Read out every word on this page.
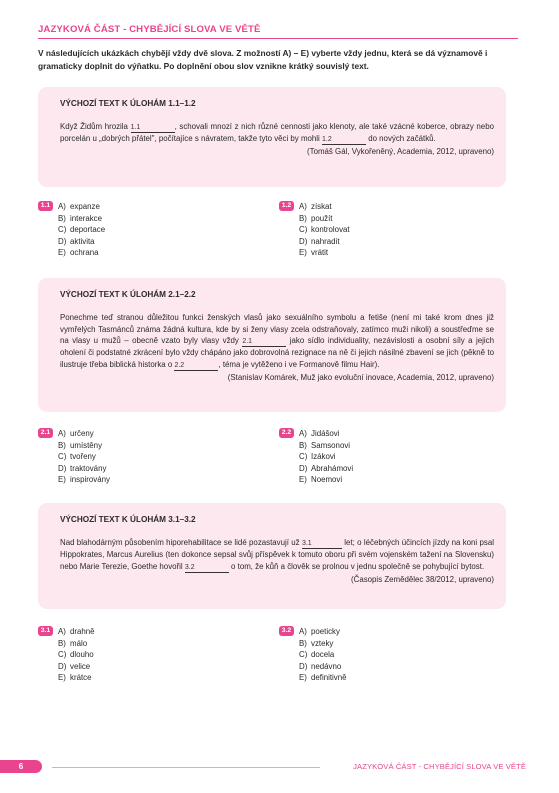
JAZYKOVÁ ČÁST - CHYBĚJÍCÍ SLOVA VE VĚTĚ
V následujících ukázkách chybějí vždy dvě slova. Z možností A) – E) vyberte vždy jednu, která se dá významově i gramaticky doplnit do výňatku. Po doplnění obou slov vznikne krátký souvislý text.
VÝCHOZÍ TEXT K ÚLOHÁM 1.1–1.2
Když Židům hrozila 1.1	, schovali mnozí z nich různé cennosti jako klenoty, ale také vzácné koberce, obrazy nebo porcelán u „dobrých přátel", počítajíce s návratem, takže tyto věci by mohli 1.2	do nových začátků.
(Tomáš Gál, Vykořeněný, Academia, 2012, upraveno)
1.1 A) expanze
B) interakce
C) deportace
D) aktivita
E) ochrana
1.2 A) získat
B) použít
C) kontrolovat
D) nahradit
E) vrátit
VÝCHOZÍ TEXT K ÚLOHÁM 2.1–2.2
Ponechme teď stranou důležitou funkci ženských vlasů jako sexuálního symbolu a fetiše (není mi také krom dnes již vymřelých Tasmánců známa žádná kultura, kde by si ženy vlasy zcela odstraňovaly, zatímco muži nikoli) a soustřeďme se na vlasy u mužů – obecně vzato byly vlasy vždy 2.1	jako sídlo individuality, nezávislosti a osobní síly a jejich oholení či podstatné zkrácení bylo vždy chápáno jako dobrovolná rezignace na ně či jejich násilné zbavení se jich (pěkně to ilustruje třeba biblická historka o 2.2	, téma je vytěženo i ve Formanově filmu Hair).
(Stanislav Komárek, Muž jako evoluční inovace, Academia, 2012, upraveno)
2.1 A) určeny
B) umístěny
C) tvořeny
D) traktovány
E) inspirovány
2.2 A) Jidášovi
B) Samsonovi
C) Izákovi
D) Abrahámovi
E) Noemovi
VÝCHOZÍ TEXT K ÚLOHÁM 3.1–3.2
Nad blahodárným působením hiporehabilitace se lidé pozastavují už 3.1	let; o léčebných účincích jízdy na koni psal Hippokrates, Marcus Aurelius (ten dokonce sepsal svůj příspěvek k tomuto oboru při svém vojenském tažení na Slovensku) nebo Marie Terezie, Goethe hovořil 3.2	o tom, že kůň a člověk se prolnou v jednu společně se pohybující bytost.
(Časopis Zemědělec 38/2012, upraveno)
3.1 A) drahně
B) málo
C) dlouho
D) velice
E) krátce
3.2 A) poeticky
B) vzteky
C) docela
D) nedávno
E) definitivně
6	JAZYKOVÁ ČÁST - CHYBĚJÍCÍ SLOVA VE VĚTĚ
